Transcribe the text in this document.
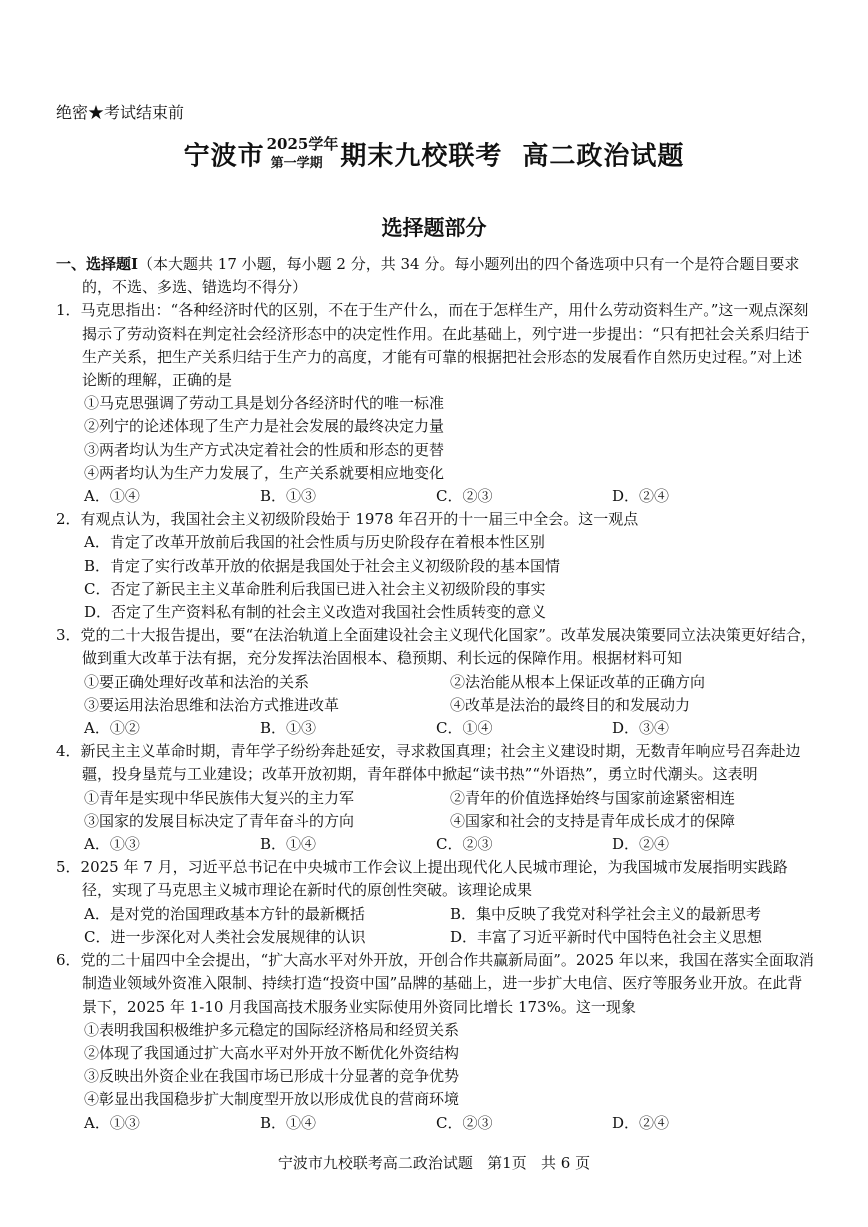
绝密★考试结束前
宁波市 2025学年
第一学期 期末九校联考  高二政治试题
选择题部分

一、选择题Ⅰ（本大题共 17 小题，每小题 2 分，共 34 分。每小题列出的四个备选项中只有一个是符合题目要求的，不选、多选、错选均不得分）

1．马克思指出：“各种经济时代的区别，不在于生产什么，而在于怎样生产，用什么劳动资料生产。”这一观点深刻揭示了劳动资料在判定社会经济形态中的决定性作用。在此基础上，列宁进一步提出：“只有把社会关系归结于生产关系，把生产关系归结于生产力的高度，才能有可靠的根据把社会形态的发展看作自然历史过程。”对上述论断的理解，正确的是

①马克思强调了劳动工具是划分各经济时代的唯一标准

②列宁的论述体现了生产力是社会发展的最终决定力量

③两者均认为生产方式决定着社会的性质和形态的更替

④两者均认为生产力发展了，生产关系就要相应地变化

A．①④	B．①③	C．②③	D．②④

2．有观点认为，我国社会主义初级阶段始于 1978 年召开的十一届三中全会。这一观点

A．肯定了改革开放前后我国的社会性质与历史阶段存在着根本性区别

B．肯定了实行改革开放的依据是我国处于社会主义初级阶段的基本国情

C．否定了新民主主义革命胜利后我国已进入社会主义初级阶段的事实

D．否定了生产资料私有制的社会主义改造对我国社会性质转变的意义

3．党的二十大报告提出，要“在法治轨道上全面建设社会主义现代化国家”。改革发展决策要同立法决策更好结合，做到重大改革于法有据，充分发挥法治固根本、稳预期、利长远的保障作用。根据材料可知

①要正确处理好改革和法治的关系	②法治能从根本上保证改革的正确方向
③要运用法治思维和法治方式推进改革	④改革是法治的最终目的和发展动力
A．①②	B．①③	C．①④	D．③④

4．新民主主义革命时期，青年学子纷纷奔赴延安，寻求救国真理；社会主义建设时期，无数青年响应号召奔赴边疆，投身垦荒与工业建设；改革开放初期，青年群体中掀起“读书热”“外语热”，勇立时代潮头。这表明

①青年是实现中华民族伟大复兴的主力军	②青年的价值选择始终与国家前途紧密相连
③国家的发展目标决定了青年奋斗的方向	④国家和社会的支持是青年成长成才的保障
A．①③	B．①④	C．②③	D．②④

5．2025 年 7 月，习近平总书记在中央城市工作会议上提出现代化人民城市理论，为我国城市发展指明实践路径，实现了马克思主义城市理论在新时代的原创性突破。该理论成果

A．是对党的治国理政基本方针的最新概括	B．集中反映了我党对科学社会主义的最新思考
C．进一步深化对人类社会发展规律的认识	D．丰富了习近平新时代中国特色社会主义思想

6．党的二十届四中全会提出，“扩大高水平对外开放，开创合作共赢新局面”。2025 年以来，我国在落实全面取消制造业领域外资准入限制、持续打造“投资中国”品牌的基础上，进一步扩大电信、医疗等服务业开放。在此背景下，2025 年 1-10 月我国高技术服务业实际使用外资同比增长 173%。这一现象

①表明我国积极维护多元稳定的国际经济格局和经贸关系

②体现了我国通过扩大高水平对外开放不断优化外资结构

③反映出外资企业在我国市场已形成十分显著的竞争优势

④彰显出我国稳步扩大制度型开放以形成优良的营商环境

A．①③	B．①④	C．②③	D．②④
宁波市九校联考高二政治试题   第1页   共 6 页
